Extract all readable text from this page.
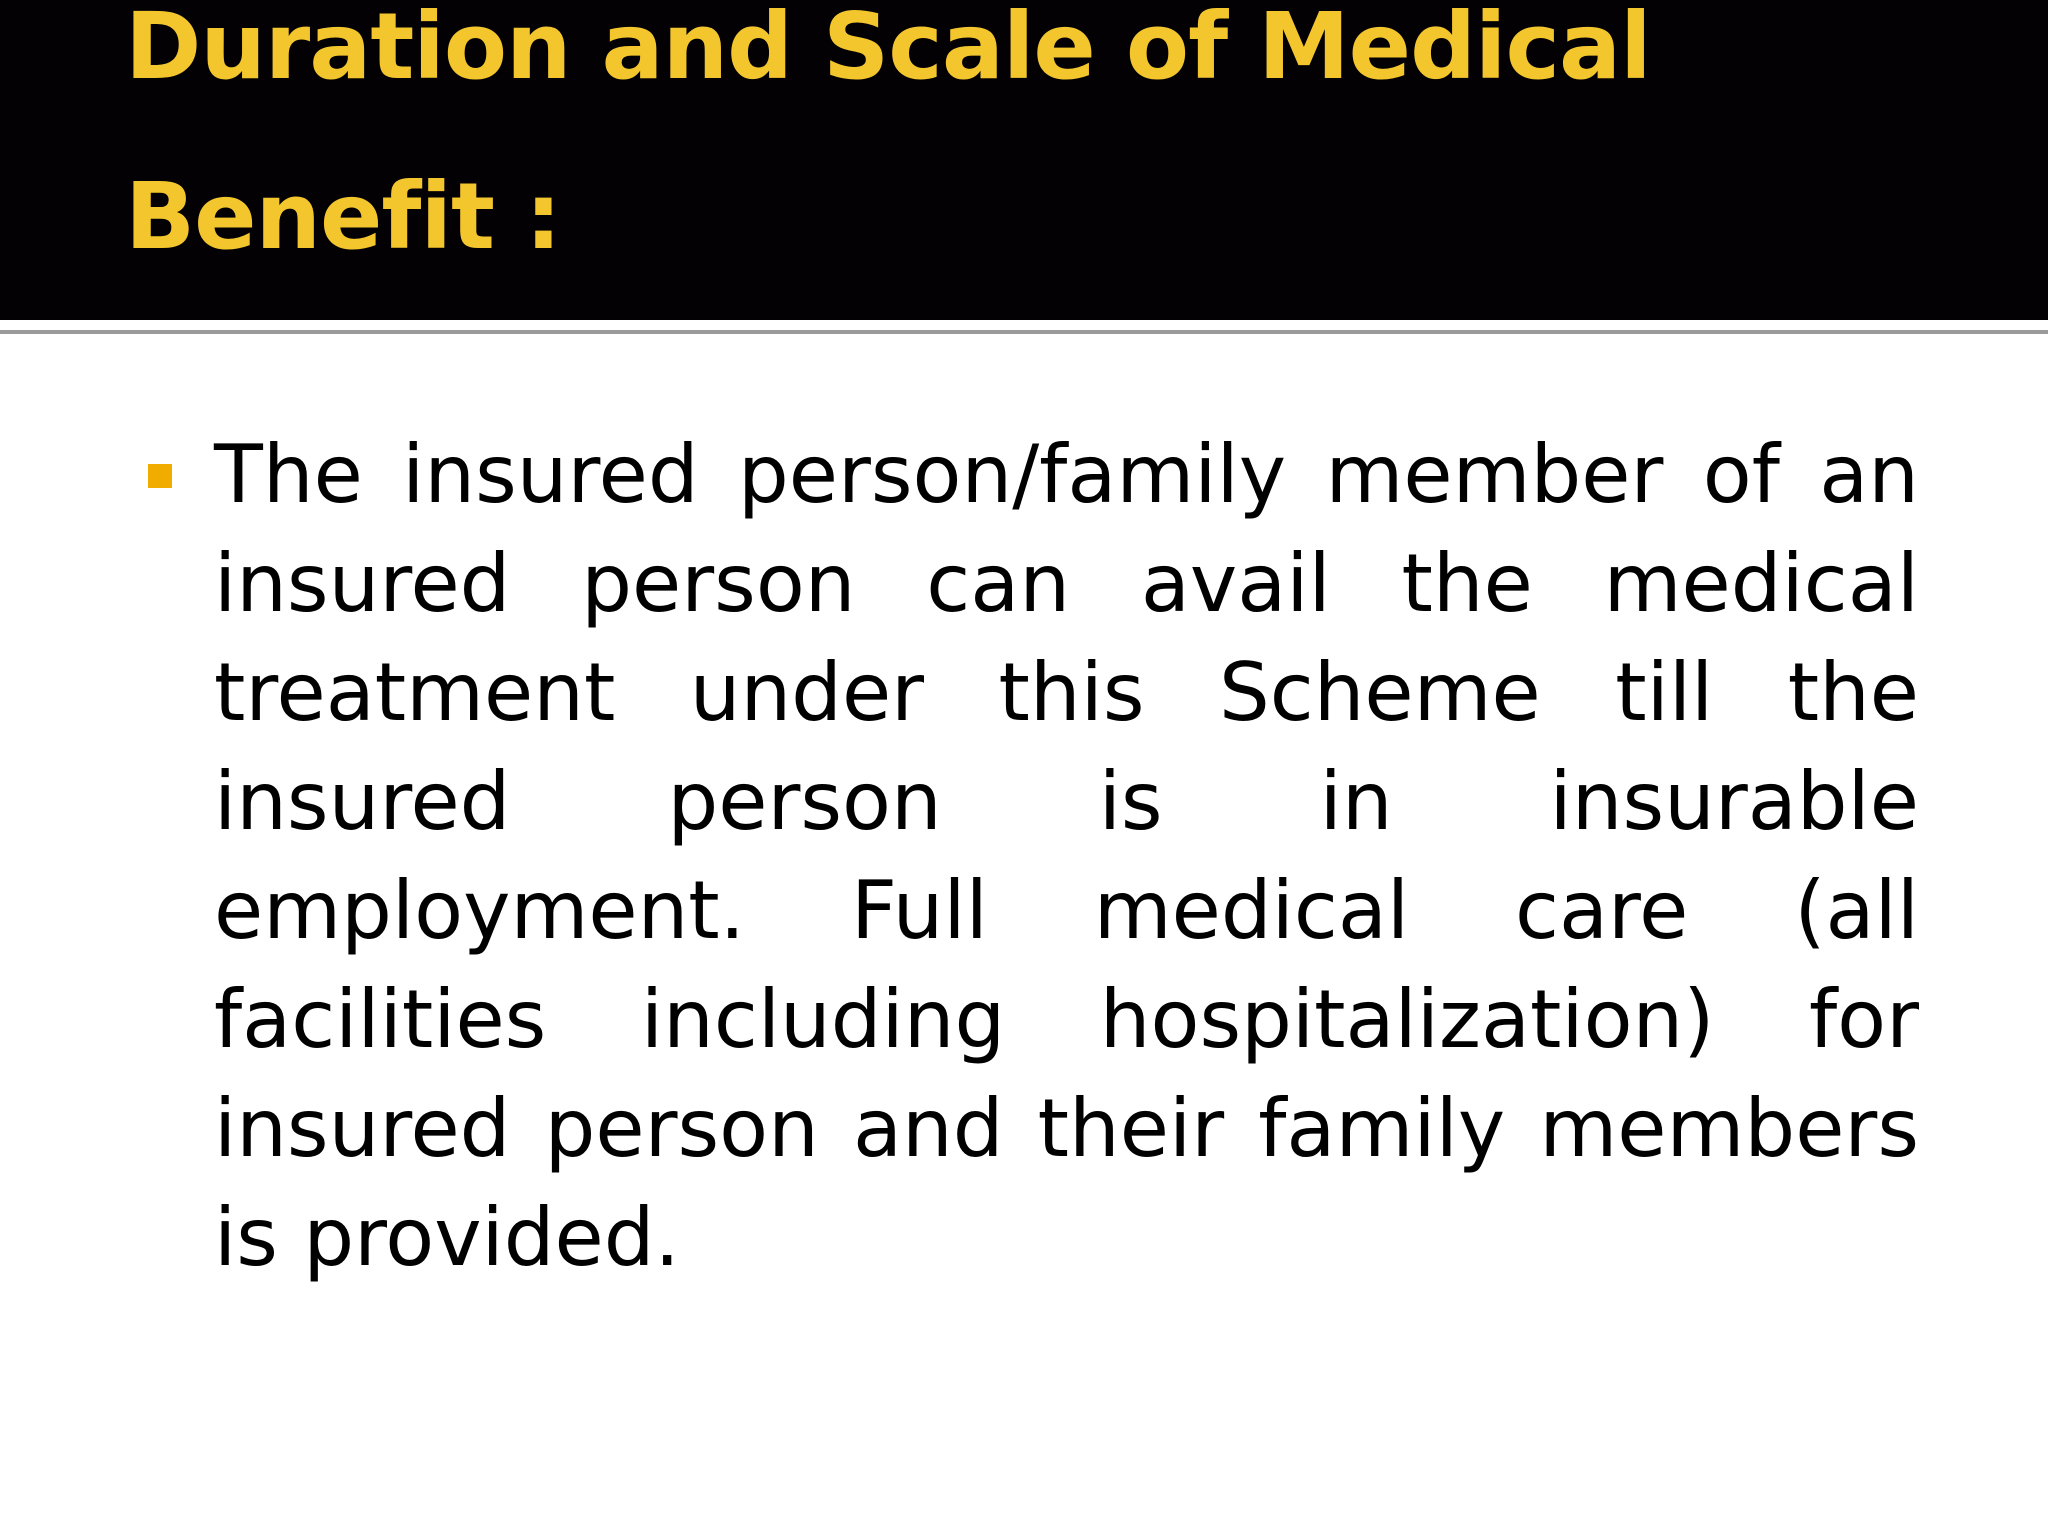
Duration and Scale of Medical Benefit :
The insured person/family member of an insured person can avail the medical treatment under this Scheme till the insured person is in insurable employment. Full medical care (all facilities including hospitalization) for insured person and their family members is provided.
